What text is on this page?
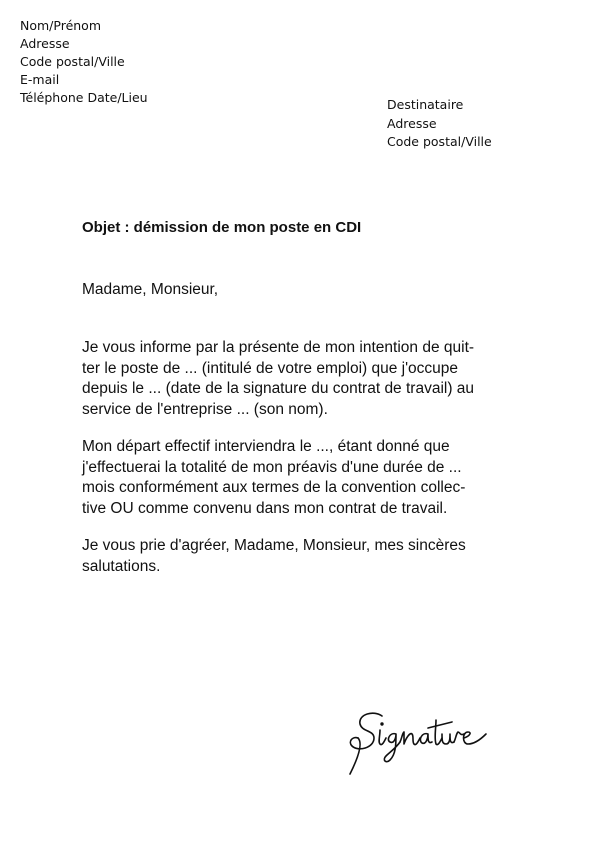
Nom/Prénom
Adresse
Code postal/Ville
E-mail
Téléphone Date/Lieu	Destinataire
Adresse
Code postal/Ville
Objet : démission de mon poste en CDI
Madame, Monsieur,
Je vous informe par la présente de mon intention de quit-
ter le poste de ... (intitulé de votre emploi) que j'occupe
depuis le ... (date de la signature du contrat de travail) au
service de l'entreprise ... (son nom).
Mon départ effectif interviendra le ..., étant donné que
j'effectuerai la totalité de mon préavis d'une durée de ...
mois conformément aux termes de la convention collec-
tive OU comme convenu dans mon contrat de travail.
Je vous prie d'agréer, Madame, Monsieur, mes sincères
salutations.
